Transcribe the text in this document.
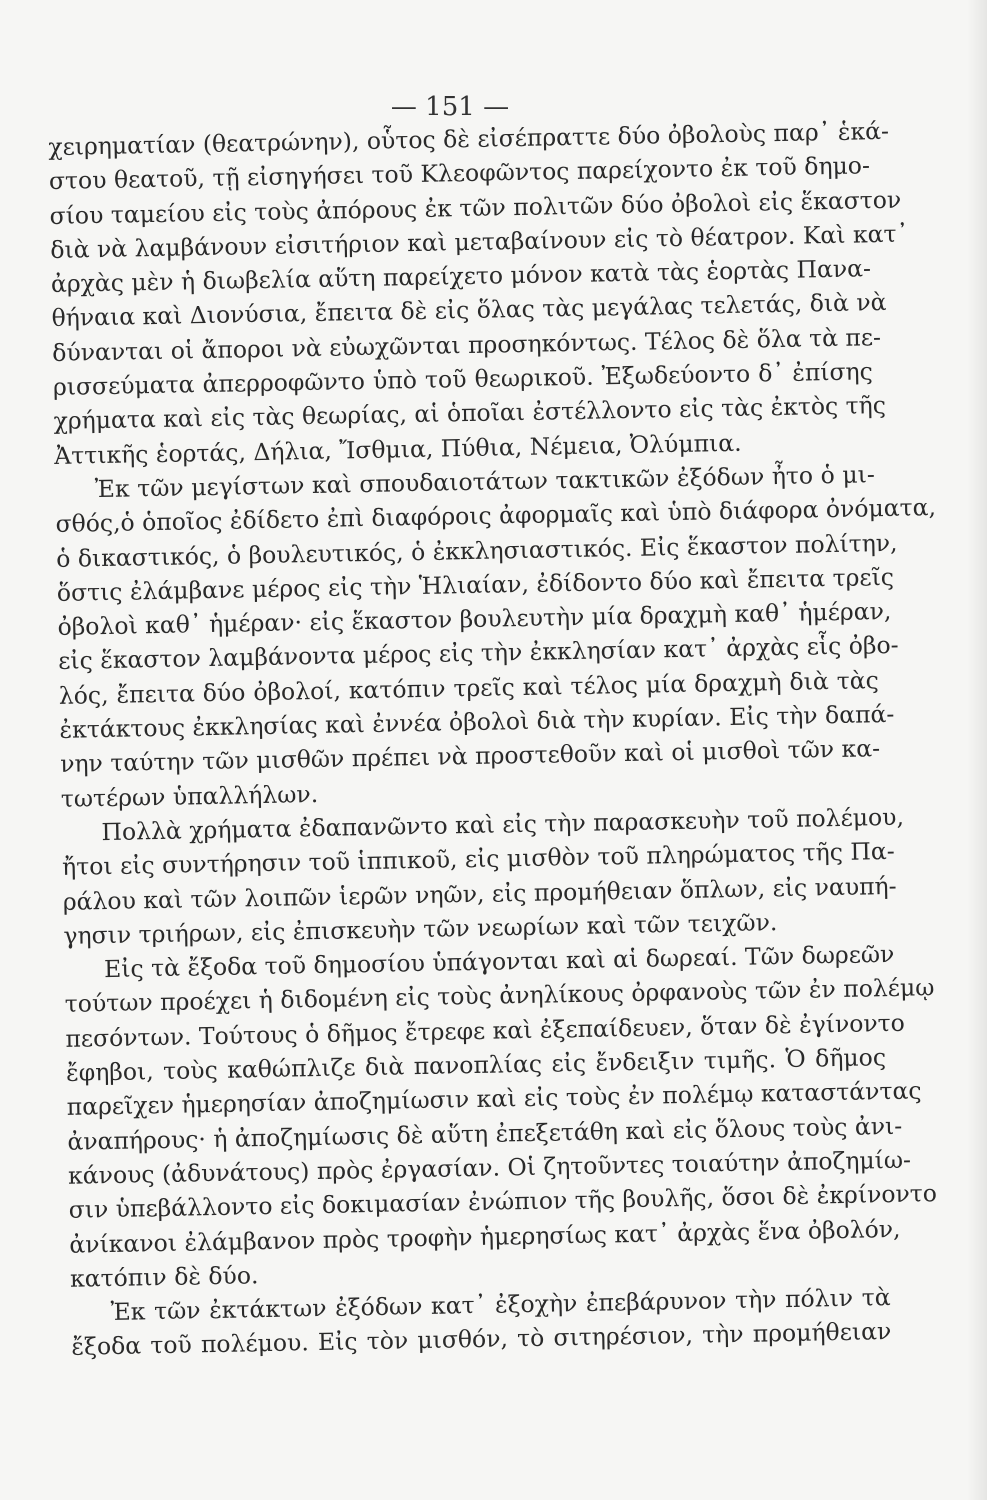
— 151 —
χειρηματίαν (θεατρώνην), οὗτος δὲ εἰσέπραττε δύο ὀβολοὺς παρ᾽ ἑκά-
στου θεατοῦ, τῇ εἰσηγήσει τοῦ Κλεοφῶντος παρείχοντο ἐκ τοῦ δημο-
σίου ταμείου εἰς τοὺς ἀπόρους ἐκ τῶν πολιτῶν δύο ὀβολοὶ εἰς ἕκαστον
διὰ νὰ λαμβάνουν εἰσιτήριον καὶ μεταβαίνουν εἰς τὸ θέατρον. Καὶ κατ᾽
ἀρχὰς μὲν ἡ διωβελία αὕτη παρείχετο μόνον κατὰ τὰς ἑορτὰς Πανα-
θήναια καὶ Διονύσια, ἔπειτα δὲ εἰς ὅλας τὰς μεγάλας τελετάς, διὰ νὰ
δύνανται οἱ ἄποροι νὰ εὐωχῶνται προσηκόντως. Τέλος δὲ ὅλα τὰ πε-
ρισσεύματα ἀπερροφῶντο ὑπὸ τοῦ θεωρικοῦ. Ἐξωδεύοντο δ᾽ ἐπίσης
χρήματα καὶ εἰς τὰς θεωρίας, αἱ ὁποῖαι ἐστέλλοντο εἰς τὰς ἐκτὸς τῆς
Ἀττικῆς ἑορτάς, Δήλια, Ἴσθμια, Πύθια, Νέμεια, Ὀλύμπια.
Ἐκ τῶν μεγίστων καὶ σπουδαιοτάτων τακτικῶν ἐξόδων ἦτο ὁ μι-
σθός,ὁ ὁποῖος ἐδίδετο ἐπὶ διαφόροις ἀφορμαῖς καὶ ὑπὸ διάφορα ὀνόματα,
ὁ δικαστικός, ὁ βουλευτικός, ὁ ἐκκλησιαστικός. Εἰς ἕκαστον πολίτην,
ὅστις ἐλάμβανε μέρος εἰς τὴν Ἡλιαίαν, ἐδίδοντο δύο καὶ ἔπειτα τρεῖς
ὀβολοὶ καθ᾽ ἡμέραν· εἰς ἕκαστον βουλευτὴν μία δραχμὴ καθ᾽ ἡμέραν,
εἰς ἕκαστον λαμβάνοντα μέρος εἰς τὴν ἐκκλησίαν κατ᾽ ἀρχὰς εἷς ὀβο-
λός, ἔπειτα δύο ὀβολοί, κατόπιν τρεῖς καὶ τέλος μία δραχμὴ διὰ τὰς
ἐκτάκτους ἐκκλησίας καὶ ἐννέα ὀβολοὶ διὰ τὴν κυρίαν. Εἰς τὴν δαπά-
νην ταύτην τῶν μισθῶν πρέπει νὰ προστεθοῦν καὶ οἱ μισθοὶ τῶν κα-
τωτέρων ὑπαλλήλων.
Πολλὰ χρήματα ἐδαπανῶντο καὶ εἰς τὴν παρασκευὴν τοῦ πολέμου,
ἤτοι εἰς συντήρησιν τοῦ ἱππικοῦ, εἰς μισθὸν τοῦ πληρώματος τῆς Πα-
ράλου καὶ τῶν λοιπῶν ἱερῶν νηῶν, εἰς προμήθειαν ὅπλων, εἰς ναυπή-
γησιν τριήρων, εἰς ἐπισκευὴν τῶν νεωρίων καὶ τῶν τειχῶν.
Εἰς τὰ ἔξοδα τοῦ δημοσίου ὑπάγονται καὶ αἱ δωρεαί. Τῶν δωρεῶν
τούτων προέχει ἡ διδομένη εἰς τοὺς ἀνηλίκους ὀρφανοὺς τῶν ἐν πολέμῳ
πεσόντων. Τούτους ὁ δῆμος ἔτρεφε καὶ ἐξεπαίδευεν, ὅταν δὲ ἐγίνοντο
ἔφηβοι, τοὺς καθώπλιζε διὰ πανοπλίας εἰς ἔνδειξιν τιμῆς. Ὁ δῆμος
παρεῖχεν ἡμερησίαν ἀποζημίωσιν καὶ εἰς τοὺς ἐν πολέμῳ καταστάντας
ἀναπήρους· ἡ ἀποζημίωσις δὲ αὕτη ἐπεξετάθη καὶ εἰς ὅλους τοὺς ἀνι-
κάνους (ἀδυνάτους) πρὸς ἐργασίαν. Οἱ ζητοῦντες τοιαύτην ἀποζημίω-
σιν ὑπεβάλλοντο εἰς δοκιμασίαν ἐνώπιον τῆς βουλῆς, ὅσοι δὲ ἐκρίνοντο
ἀνίκανοι ἐλάμβανον πρὸς τροφὴν ἡμερησίως κατ᾽ ἀρχὰς ἕνα ὀβολόν,
κατόπιν δὲ δύο.
Ἐκ τῶν ἐκτάκτων ἐξόδων κατ᾽ ἐξοχὴν ἐπεβάρυνον τὴν πόλιν τὰ
ἔξοδα τοῦ πολέμου. Εἰς τὸν μισθόν, τὸ σιτηρέσιον, τὴν προμήθειαν
